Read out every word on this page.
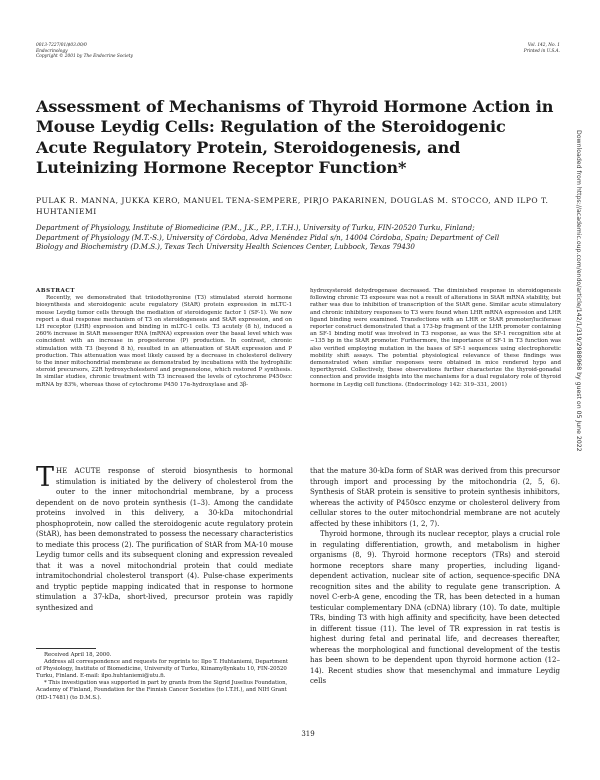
0013-7227/01/$03.00/0
Endocrinology
Copyright © 2001 by The Endocrine Society
Vol. 142, No. 1
Printed in U.S.A.
Assessment of Mechanisms of Thyroid Hormone Action in Mouse Leydig Cells: Regulation of the Steroidogenic Acute Regulatory Protein, Steroidogenesis, and Luteinizing Hormone Receptor Function*
PULAK R. MANNA, JUKKA KERO, MANUEL TENA-SEMPERE, PIRJO PAKARINEN, DOUGLAS M. STOCCO, AND ILPO T. HUHTANIEMI
Department of Physiology, Institute of Biomedicine (P.M., J.K., P.P., I.T.H.), University of Turku, FIN-20520 Turku, Finland; Department of Physiology (M.T.-S.), University of Córdoba, Adva Menéndez Pidal s/n, 14004 Córdoba, Spain; Department of Cell Biology and Biochemistry (D.M.S.), Texas Tech University Health Sciences Center, Lubbock, Texas 79430
ABSTRACT
Recently, we demonstrated that triiodothyronine (T3) stimulated steroid hormone biosynthesis and steroidogenic acute regulatory (StAR) protein expression in mLTC-1 mouse Leydig tumor cells through the mediation of steroidogenic factor 1 (SF-1). We now report a dual response mechanism of T3 on steroidogenesis and StAR expression, and on LH receptor (LHR) expression and binding in mLTC-1 cells. T3 acutely (8 h), induced a 260% increase in StAR messenger RNA (mRNA) expression over the basal level which was coincident with an increase in progesterone (P) production. In contrast, chronic stimulation with T3 (beyond 8 h), resulted in an attenuation of StAR expression and P production. This attenuation was most likely caused by a decrease in cholesterol delivery to the inner mitochondrial membrane as demonstrated by incubations with the hydrophilic steroid precursors, 22R hydroxycholesterol and pregnenolone, which restored P synthesis. In similar studies, chronic treatment with T3 increased the levels of cytochrome P450scc mRNA by 83%, whereas those of cytochrome P450 17α-hydroxylase and 3β-
hydroxysteroid dehydrogenase decreased. The diminished response in steroidogenesis following chronic T3 exposure was not a result of alterations in StAR mRNA stability, but rather was due to inhibition of transcription of the StAR gene. Similar acute stimulatory and chronic inhibitory responses to T3 were found when LHR mRNA expression and LHR ligand binding were examined. Transfections with an LHR or StAR promoter/luciferase reporter construct demonstrated that a 173-bp fragment of the LHR promoter containing an SF-1 binding motif was involved in T3 response, as was the SF-1 recognition site at −135 bp in the StAR promoter. Furthermore, the importance of SF-1 in T3 function was also verified employing mutation in the bases of SF-1 sequences using electrophoretic mobility shift assays. The potential physiological relevance of these findings was demonstrated when similar responses were obtained in mice rendered hypo and hyperthyroid. Collectively, these observations further characterize the thyroid-gonadal connection and provide insights into the mechanisms for a dual regulatory role of thyroid hormone in Leydig cell functions. (Endocrinology 142: 319–331, 2001)
THE ACUTE response of steroid biosynthesis to hormonal stimulation is initiated by the delivery of cholesterol from the outer to the inner mitochondrial membrane, by a process dependent on de novo protein synthesis (1–3). Among the candidate proteins involved in this delivery, a 30-kDa mitochondrial phosphoprotein, now called the steroidogenic acute regulatory protein (StAR), has been demonstrated to possess the necessary characteristics to mediate this process (2). The purification of StAR from MA-10 mouse Leydig tumor cells and its subsequent cloning and expression revealed that it was a novel mitochondrial protein that could mediate intramitochondrial cholesterol transport (4). Pulse-chase experiments and tryptic peptide mapping indicated that in response to hormone stimulation a 37-kDa, short-lived, precursor protein was rapidly synthesized and

that the mature 30-kDa form of StAR was derived from this precursor through import and processing by the mitochondria (2, 5, 6). Synthesis of StAR protein is sensitive to protein synthesis inhibitors, whereas the activity of P450scc enzyme or cholesterol delivery from cellular stores to the outer mitochondrial membrane are not acutely affected by these inhibitors (1, 2, 7).

Thyroid hormone, through its nuclear receptor, plays a crucial role in regulating differentiation, growth, and metabolism in higher organisms (8, 9). Thyroid hormone receptors (TRs) and steroid hormone receptors share many properties, including ligand-dependent activation, nuclear site of action, sequence-specific DNA recognition sites and the ability to regulate gene transcription. A novel C-erb-A gene, encoding the TR, has been detected in a human testicular complementary DNA (cDNA) library (10). To date, multiple TRs, binding T3 with high affinity and specificity, have been detected in different tissue (11). The level of TR expression in rat testis is highest during fetal and perinatal life, and decreases thereafter, whereas the morphological and functional development of the testis has been shown to be dependent upon thyroid hormone action (12–14). Recent studies show that mesenchymal and immature Leydig cells

Received April 18, 2000.

Address all correspondence and requests for reprints to: Ilpo T. Huhtaniemi, Department of Physiology, Institute of Biomedicine, University of Turku, Kiinamyllynkatu 10, FIN-20520 Turku, Finland. E-mail: ilpo.huhtaniemi@utu.fi.

* This investigation was supported in part by grants from the Sigrid Juselius Foundation, Academy of Finland, Foundation for the Finnish Cancer Societies (to I.T.H.), and NIH Grant (HD-17481) (to D.M.S.).

319
Downloaded from https://academic.oup.com/endo/article/142/1/319/2988968 by guest on 05 June 2022
